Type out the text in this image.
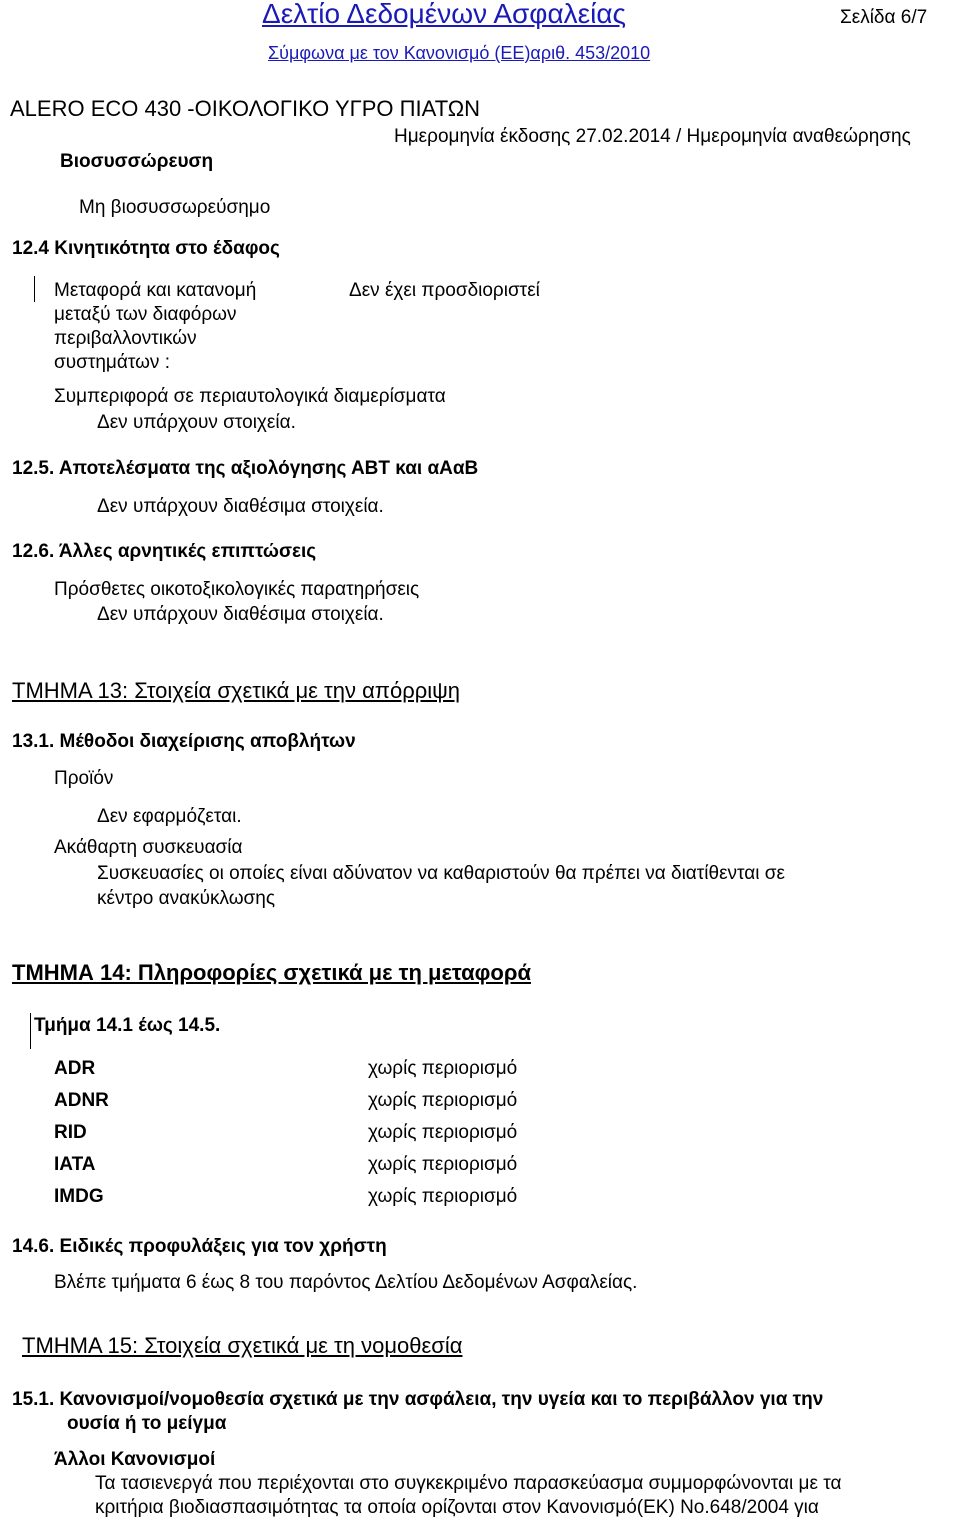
Δελτίο Δεδομένων Ασφαλείας	Σελίδα 6/7
Σύμφωνα με τον Κανονισμό (ΕΕ)αριθ. 453/2010
ALERO ECO 430 -ΟΙΚΟΛΟΓΙΚΟ ΥΓΡΟ ΠΙΑΤΩΝ
Ημερομηνία έκδοσης 27.02.2014 / Ημερομηνία αναθεώρησης
Βιοσυσσώρευση
Μη βιοσυσσωρεύσημο
12.4 Κινητικότητα στο έδαφος
Μεταφορά και κατανομή
μεταξύ των διαφόρων
περιβαλλοντικών
συστημάτων :
Δεν έχει προσδιοριστεί
Συμπεριφορά σε περιαυτολογικά διαμερίσματα
Δεν υπάρχουν στοιχεία.
12.5. Αποτελέσματα της αξιολόγησης ΑΒΤ και αΑαΒ
Δεν υπάρχουν διαθέσιμα στοιχεία.
12.6. Άλλες αρνητικές επιπτώσεις
Πρόσθετες οικοτοξικολογικές παρατηρήσεις
Δεν υπάρχουν διαθέσιμα στοιχεία.
ΤΜΗΜΑ 13: Στοιχεία σχετικά με την απόρριψη
13.1. Μέθοδοι διαχείρισης αποβλήτων
Προϊόν
Δεν εφαρμόζεται.
Ακάθαρτη συσκευασία
Συσκευασίες οι οποίες είναι αδύνατον να καθαριστούν θα πρέπει να διατίθενται σε
κέντρο ανακύκλωσης
ΤΜΗΜΑ 14: Πληροφορίες σχετικά με τη μεταφορά
Τμήμα 14.1 έως 14.5.
ADR	χωρίς περιορισμό
ADNR	χωρίς περιορισμό
RID	χωρίς περιορισμό
IATA	χωρίς περιορισμό
IMDG	χωρίς περιορισμό
14.6. Ειδικές προφυλάξεις για τον χρήστη
Βλέπε τμήματα 6 έως 8 του παρόντος Δελτίου Δεδομένων Ασφαλείας.
ΤΜΗΜΑ 15: Στοιχεία σχετικά με τη νομοθεσία
15.1. Κανονισμοί/νομοθεσία σχετικά με την ασφάλεια, την υγεία και το περιβάλλον για την
ουσία ή το μείγμα
Άλλοι Κανονισμοί
Τα τασιενεργά που περιέχονται στο συγκεκριμένο παρασκεύασμα συμμορφώνονται με τα
κριτήρια βιοδιασπασιμότητας τα οποία ορίζονται στον Κανονισμό(ΕΚ) Νο.648/2004 για
